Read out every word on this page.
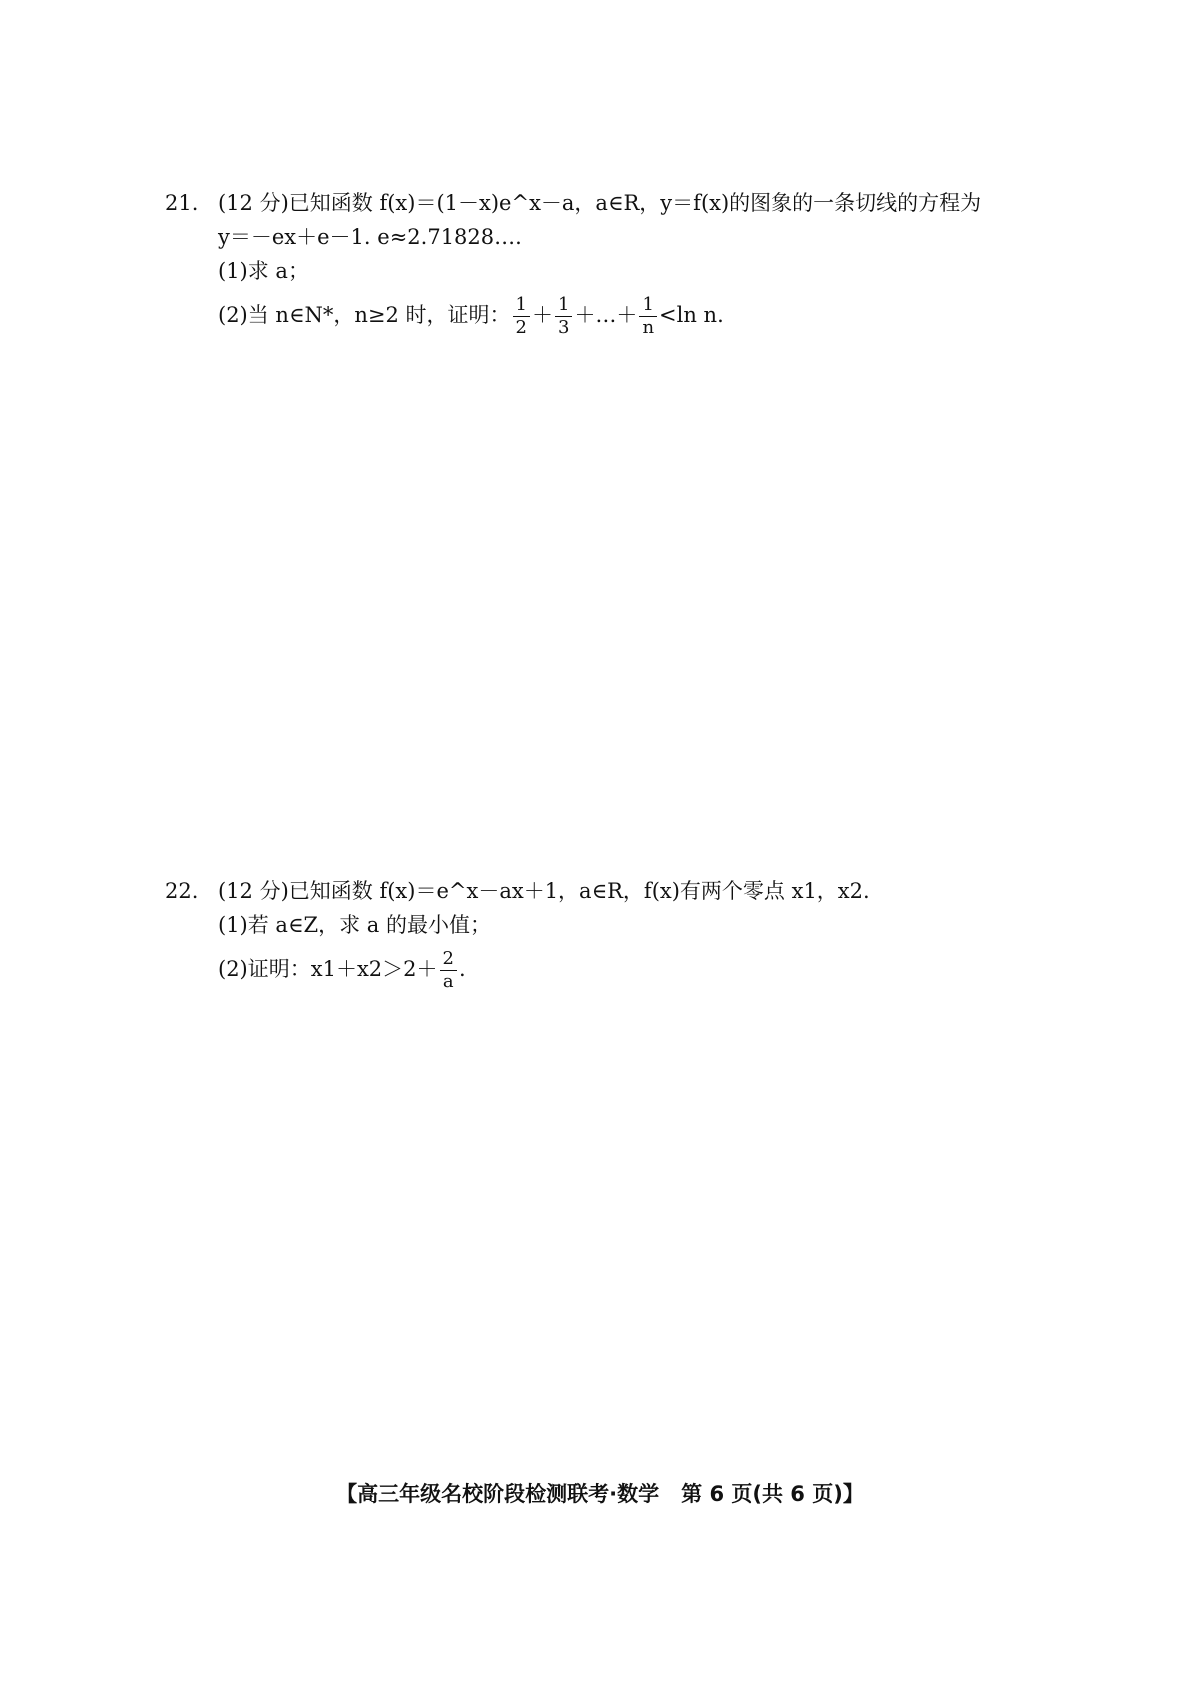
21. (12 分)已知函数 f(x)＝(1－x)e^x－a，a∈R，y＝f(x)的图象的一条切线的方程为
y＝－ex＋e－1. e≈2.71828….
(1)求 a；
(2)当 n∈N*，n≥2 时，证明： $\frac{1}{2} + \frac{1}{3}$ ＋…＋ $\frac{1}{n} <\ln$ n.
22. (12 分)已知函数 f(x)＝e^x－ax＋1，a∈R，f(x)有两个零点 x1，x2.
(1)若 a∈Z，求 a 的最小值；
(2)证明：$x1+x2>2+ \frac{2}{a}$ .
【高三年级名校阶段检测联考·数学 第 6 页(共 6 页)】
